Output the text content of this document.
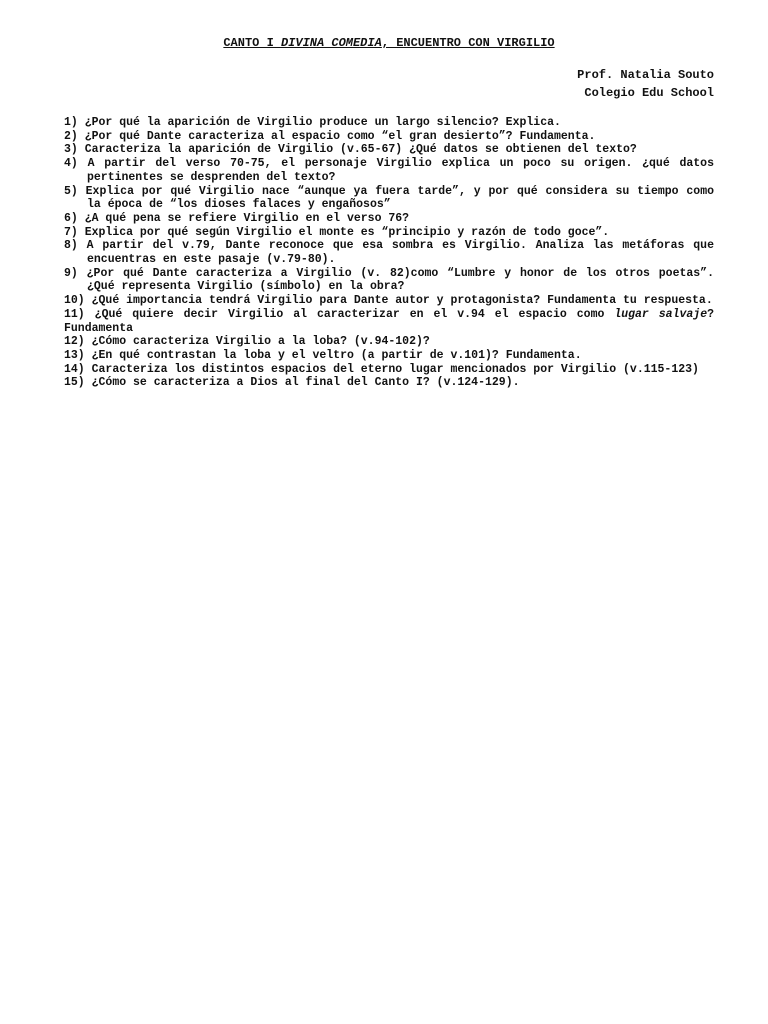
CANTO I DIVINA COMEDIA, ENCUENTRO CON VIRGILIO
Prof. Natalia Souto
Colegio Edu School
1) ¿Por qué la aparición de Virgilio produce un largo silencio? Explica.
2) ¿Por qué Dante caracteriza al espacio como “el gran desierto”? Fundamenta.
3) Caracteriza la aparición de Virgilio (v.65-67) ¿Qué datos se obtienen del texto?
4) A partir del verso 70-75, el personaje Virgilio explica un poco su origen. ¿qué datos pertinentes se desprenden del texto?
5) Explica por qué Virgilio nace “aunque ya fuera tarde”, y por qué considera su tiempo como la época de “los dioses falaces y engañosos”
6) ¿A qué pena se refiere Virgilio en el verso 76?
7) Explica por qué según Virgilio el monte es “principio y razón de todo goce”.
8) A partir del v.79, Dante reconoce que esa sombra es Virgilio. Analiza las metáforas que encuentras en este pasaje (v.79-80).
9) ¿Por qué Dante caracteriza a Virgilio (v. 82)como “Lumbre y honor de los otros poetas”. ¿Qué representa Virgilio (símbolo) en la obra?
10) ¿Qué importancia tendrá Virgilio para Dante autor y protagonista? Fundamenta tu respuesta.
11) ¿Qué quiere decir Virgilio al caracterizar en el v.94 el espacio como lugar salvaje? Fundamenta
12) ¿Cómo caracteriza Virgilio a la loba? (v.94-102)?
13) ¿En qué contrastan la loba y el veltro (a partir de v.101)? Fundamenta.
14) Caracteriza los distintos espacios del eterno lugar mencionados por Virgilio (v.115-123)
15) ¿Cómo se caracteriza a Dios al final del Canto I? (v.124-129).
